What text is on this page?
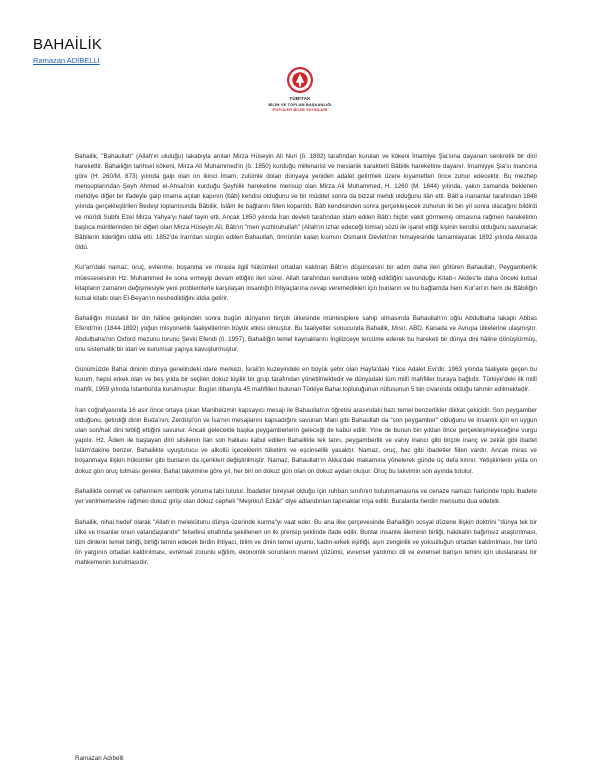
BAHAİLİK
Ramazan ADIBELLİ
TÜBİTAK
BİLİM VE TOPLUM BAŞKANLIĞI
POPÜLER BİLİM YAYINLARI

Bahailik, "Bahaullah" (Allah'ın ululuğu) lakabıyla anılan Mirza Hüseyin Ali Nuri (ö. 1892) tarafından kurulan ve kökeni İmamiye Şia'sına dayanan senkretik bir dinî harekettir. Bahailiğin tarihsel kökeni, Mirza Ali Muhammed'in (ö. 1850) kurduğu millenarist ve mesianik karakterli Bâbilik hareketine dayanır. İmamiyye Şia'sı inancına göre (H. 260/M. 873) yılında gaip olan on ikinci İmam, zulümle dolan dünyaya yeniden adalet getirmek üzere kıyametten önce zuhur edecektir. Bu mezhep mensuplarından Şeyh Ahmed el-Ahsai'nin kurduğu Şeyhilik hareketine mensup olan Mirza Ali Muhammed, H. 1260 (M. 1844) yılında, yakın zamanda beklenen mehdiye diğer bir ifadeyle gaip imama açılan kapının (bâb) kendisi olduğunu ve bir müddet sonra da bizzat mehdi olduğunu ilân etti. Bâb'a inananlar tarafından 1848 yılında gerçekleştirilen Bedeşt toplantısında Bâbilik, İslâm ile bağlarını fiilen koparıldı. Bâb kendisinden sonra gerçekleşecek zuhurun iki bin yıl sonra olacağını bildirdi ve mürîdi Subhi Ezel Mirza Yahya'yı halef tayin etti. Ancak 1850 yılında İran devleti tarafından idam edilen Bâb'ı hiçbir vakit görmemiş olmasına rağmen hareketinin başlıca müritlerinden bir diğeri olan Mirza Hüseyin Ali, Bâb'ın "men yuzhiruhullah" (Allah'ın izhar edeceği kimse) sözü ile işaret ettiği kişinin kendisi olduğunu savunarak Bâbilerin liderliğini iddia etti. 1852'de İran'dan sürgün edilen Bahaullah, ömrünün kalan kısmını Osmanlı Devleti'nin himayesinde tamamlayarak 1892 yılında Akka'da öldü.

Kur'an'daki namaz, oruç, evlenme, boşanma ve mirasla ilgili hükümleri ortadan kaldıran Bâb'ın düşüncesini bir adım daha ileri götüren Bahaullah, Peygamberlik müessesesinin Hz. Muhammed ile sona ermeyip devam ettiğini ileri sürer. Allah tarafından kendisine tebliğ edildiğini savunduğu Kitab-ı Akdes'te daha önceki kutsal kitapların zamanın değişmesiyle yeni problemlerle karşılaşan insanlığın ihtiyaçlarına cevap veremedikleri için bunların ve bu bağlamda hem Kur'an'ın hem de Bâbiliğin kutsal kitabı olan El-Beyan'ın neshedildiğini iddia getirir.

Bahailiğin müstakil bir din hâline gelişinden sonra bugün dünyanın birçok ülkesinde müntesiplere sahip olmasında Bahaullah'ın oğlu Abdulbaha lakaplı Abbas Efendi'nin (1844-1892) yoğun misyonerlik faaliyetlerinin büyük etkisi olmuştur. Bu faaliyetler sonucunda Bahailik, Mısır, ABD, Kanada ve Avrupa ülkelerine ulaşmıştır. Abdulbaha'nın Oxford mezunu torunu Şevki Efendi (ö. 1957), Bahailiğin temel kaynaklarını İngilizceye tercüme ederek bu hareketi bir dünya dini hâline dönüştürmüş, onu sistematik bir idari ve kurumsal yapıya kavuşturmuştur.

Günümüzde Bahai dininin dünya genelindeki idare merkezi, İsrail'in kuzeyindeki en büyük şehir olan Hayfa'daki Yüce Adalet Evi'dir. 1963 yılında faaliyete geçen bu kurum, hepsi erkek olan ve beş yılda bir seçilen dokuz kişilik bir grup tarafından yönetilmektedir ve dünyadaki tüm millî mahfiller buraya bağlıdır. Türkiye'deki ilk millî mahfil, 1959 yılında İstanbul'da kurulmuştur. Bugün itibarıyla 45 mahfilleri bulunan Türkiye Bahai topluluğunun nüfusunun 5 bin civarında olduğu tahmin edilmektedir.

İran coğrafyasında 16 asır önce ortaya çıkan Maniheizmin kapsayıcı mesajı ile Bahaullah'ın öğretisi arasındaki bazı temel benzerlikler dikkat çekicidir. Son peygamber olduğunu, getirdiği dinin Buda'nın, Zerdüşt'ün ve İsa'nın mesajlarını kapsadığını savunan Mani gibi Bahaullah da "son peygamber" olduğunu ve insanlık için en uygun olan son/hak dini tebliğ ettiğini savunur. Ancak gelecekte başka peygamberlerin geleceği de kabul edilir. Yine de bunun bin yıldan önce gerçekleşmeyeceğine vurgu yapılır. Hz. Âdem ile başlayan dinî silsilenin ilan son halkası kabul edilen Bahailikte tek tanrı, peygamberlik ve vahiy inancı gibi birçok inanç ve zekât gibi ibadet İslâm'dakine benzer. Bahailikte uyuşturucu ve alkollü içeceklerin tüketimi ve eşcinsellik yasaktır. Namaz, oruç, hac gibi ibadetler fiilen vardır. Ancak miras ve boşanmaya ilişkin hükümler gibi bunların da içerikleri değiştirilmiştir. Namaz, Bahaullah'ın Akka'daki makamına yönelerek günde üç defa kılınır. Yetişkinlerin yılda on dokuz gün oruç tutması gerekir. Bahai takvimine göre yıl, her biri on dokuz gün olan on dokuz aydan oluşur. Oruç bu takvimin son ayında tutulur.

Bahailikte cennet ve cehennem sembolik yoruma tabi tutulur. İbadetler bireysel olduğu için ruhban sınıfının bulunmamasına ve cenaze namazı haricinde toplu ibadete yer verilmemesine rağmen dokuz girişi olan dokuz cepheli "Meşriku'l Ezkâr" diye adlandırılan tapınaklar inşa edilir. Buralarda herdin mensubu dua edebilir.

Bahailik, nihai hedef olarak "Allah'ın melekûtunu dünya üzerinde kurma"yı vaat eder. Bu ana ilke çerçevesinde Bahailiğin sosyal düzene ilişkin doktrini "dünya tek bir ülke ve insanlar onun vatandaşlarıdır" felsefesi etrafında şekillenen on iki prensip şeklinde ifade edilir. Bunlar insanlık âleminin birliği, hakikatin bağımsız araştırılması, tüm dinlerin temel birliği, birliği temin edecek birdin ihtiyacı, bilim ve dinin temel uyumu, kadın-erkek eşitliği, aşırı zenginlik ve yoksulluğun ortadan kaldırılması, her türlü ön yargının ortadan kaldırılması, evrensel zorunlu eğitim, ekonomik sorunların manevi çözümü, evrensel yardımcı dil ve evrensel barışın temini için uluslararası bir mahkemenin kurulmasıdır.

Ramazan Adıbelli
